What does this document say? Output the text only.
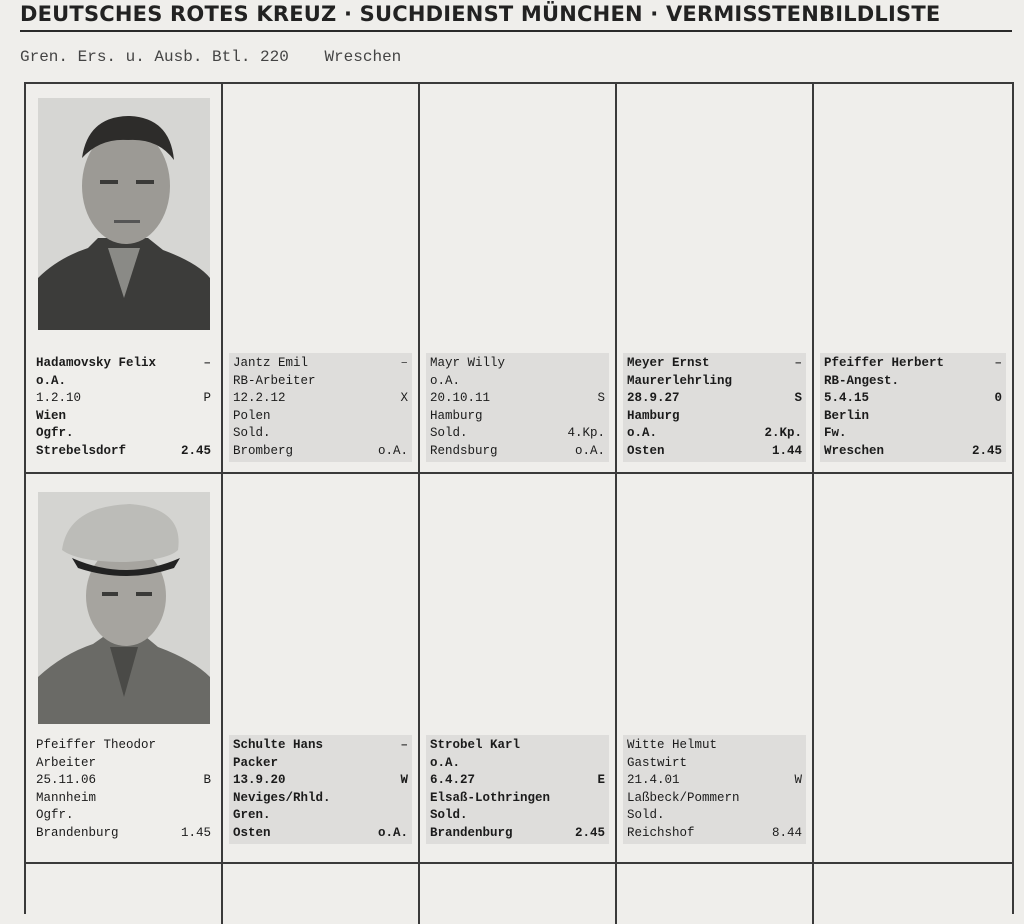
DEUTSCHES ROTES KREUZ · SUCHDIENST MÜNCHEN · VERMISSTENBILDLISTE
Gren. Ers. u. Ausb. Btl. 220 Wreschen
Hadamovsky Felix	–
o.A.
1.2.10	P
Wien
Ogfr.
Strebelsdorf	2.45
Jantz Emil	–
RB-Arbeiter
12.2.12	X
Polen
Sold.
Bromberg	o.A.
Mayr Willy
o.A.
20.10.11	S
Hamburg
Sold.	4.Kp.
Rendsburg	o.A.
Meyer Ernst	–
Maurerlehrling
28.9.27	S
Hamburg
o.A.	2.Kp.
Osten	1.44
Pfeiffer Herbert	–
RB-Angest.
5.4.15	0
Berlin
Fw.
Wreschen	2.45
Pfeiffer Theodor
Arbeiter
25.11.06	B
Mannheim
Ogfr.
Brandenburg	1.45
Schulte Hans	–
Packer
13.9.20	W
Neviges/Rhld.
Gren.
Osten	o.A.
Strobel Karl
o.A.
6.4.27	E
Elsaß-Lothringen
Sold.
Brandenburg	2.45
Witte Helmut
Gastwirt
21.4.01	W
Laßbeck/Pommern
Sold.
Reichshof	8.44
